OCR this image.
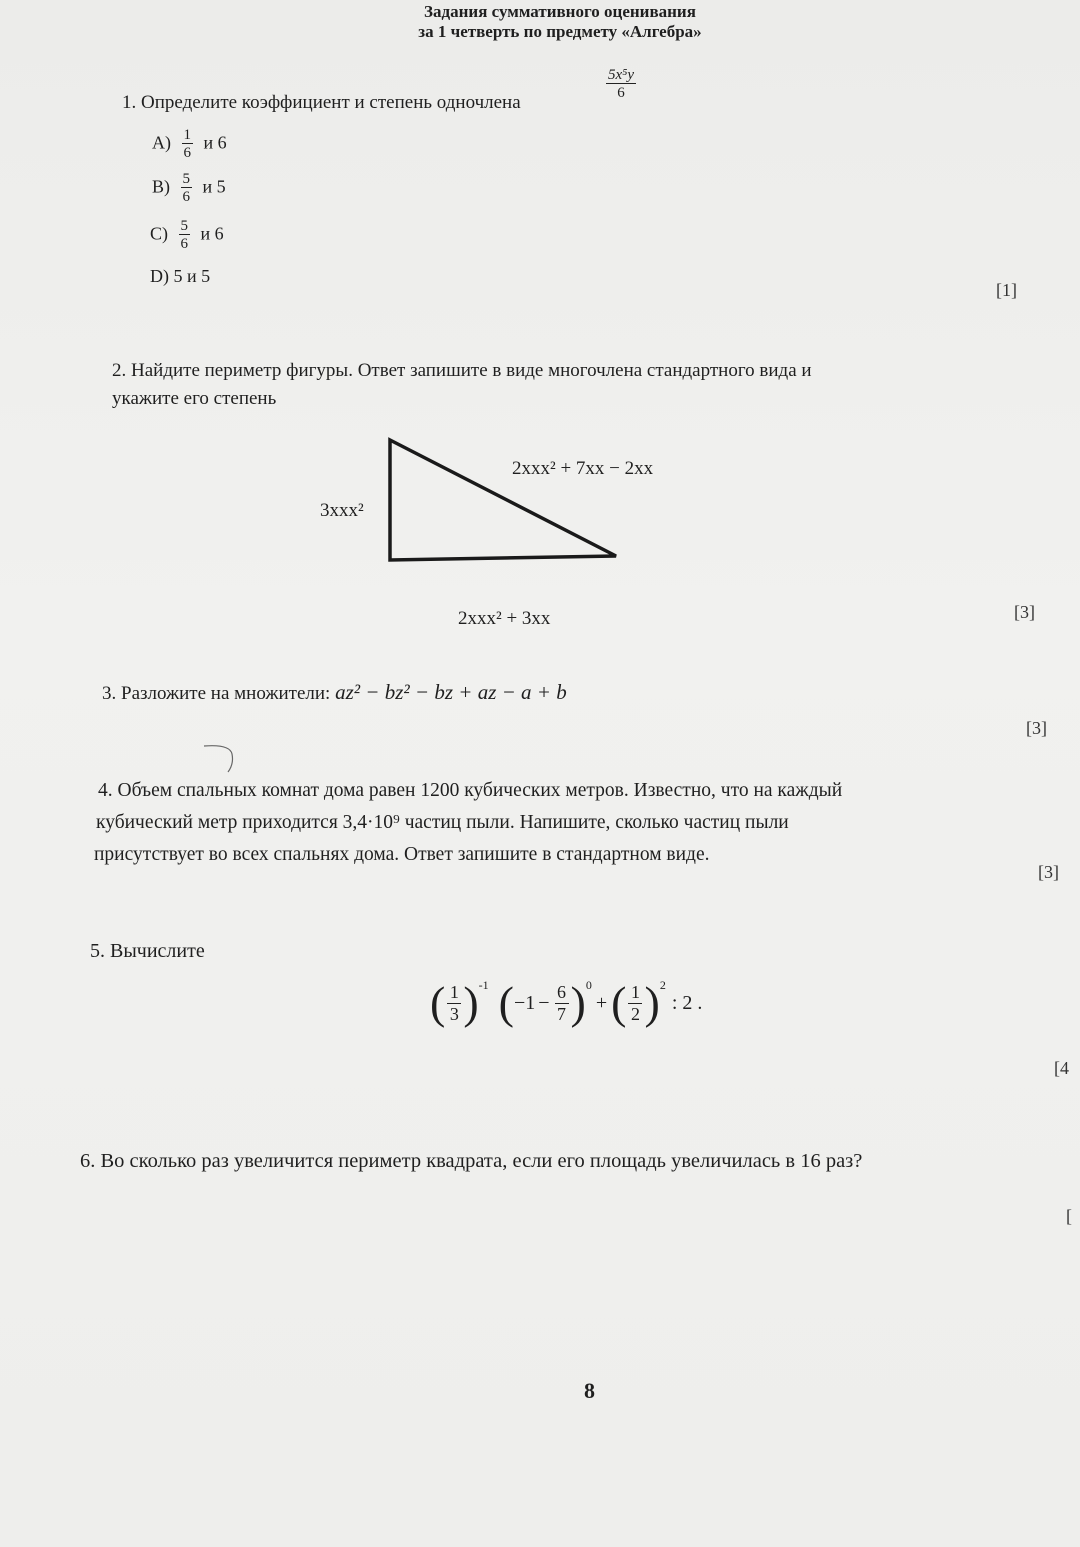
Задания суммативного оценивания
за 1 четверть по предмету «Алгебра»
1. Определите коэффициент и степень одночлена
$\frac{\text{5x⁵y}}{6}$
$A) \frac{1}{6}$ и 6
$B) \frac{5}{6}$ и 5
$C) \frac{5}{6}$ и 6
D) 5 и 5
[1]
2. Найдите периметр фигуры. Ответ запишите в виде многочлена стандартного вида и
укажите его степень
3xxx²
2xxx² + 7xx − 2xx
2xxx² + 3xx	[3]
3. Разложите на множители: az² − bz² − bz + az − a + b
[3]
4. Объем спальных комнат дома равен 1200 кубических метров. Известно, что на каждый
кубический метр приходится 3,4·10⁹ частиц пыли. Напишите, сколько частиц пыли
присутствует во всех спальнях дома. Ответ запишите в стандартном виде.
[3]
5. Вычислите
( 1
3 ) -1 ( −1 − 6
7 ) 0
+ ( 1
2 ) 2
: 2 .
[4
6. Во сколько раз увеличится периметр квадрата, если его площадь увеличилась в 16 раз?
[
8
